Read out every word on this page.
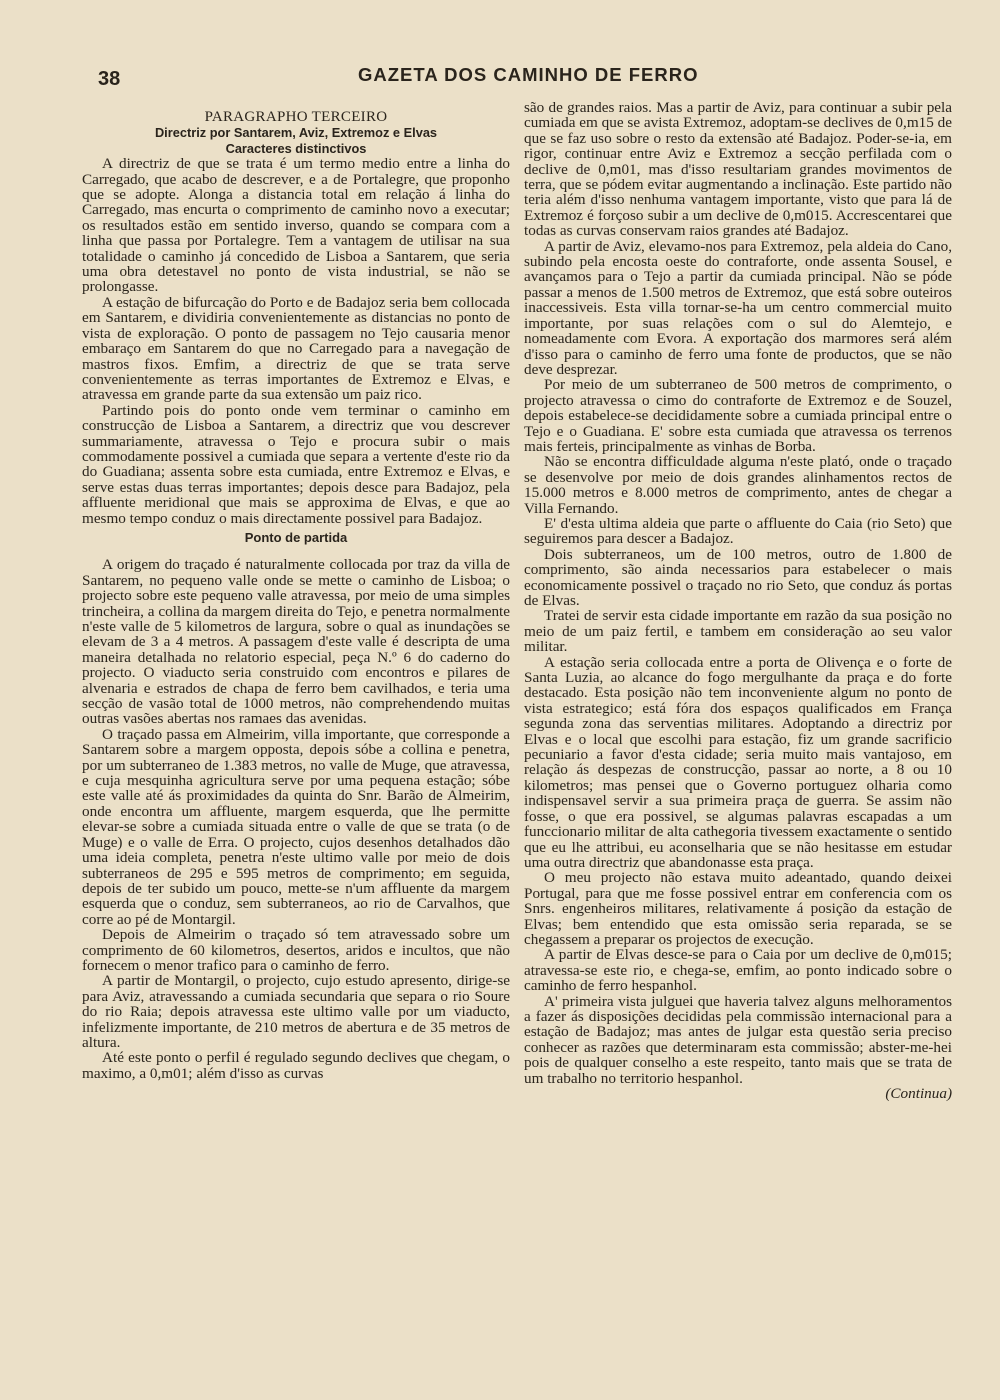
38	GAZETA DOS CAMINHO DE FERRO
PARAGRAPHO TERCEIRO
Directriz por Santarem, Aviz, Extremoz e Elvas
Caracteres distinctivos

A directriz de que se trata é um termo medio entre a linha do Carregado, que acabo de descrever, e a de Portalegre, que proponho que se adopte. Alonga a distancia total em relação á linha do Carregado, mas encurta o comprimento de caminho novo a executar; os resultados estão em sentido inverso, quando se compara com a linha que passa por Portalegre. Tem a vantagem de utilisar na sua totalidade o caminho já concedido de Lisboa a Santarem, que seria uma obra detestavel no ponto de vista industrial, se não se prolongasse.

A estação de bifurcação do Porto e de Badajoz seria bem collocada em Santarem, e dividiria convenientemente as distancias no ponto de vista de exploração. O ponto de passagem no Tejo causaria menor embaraço em Santarem do que no Carregado para a navegação de mastros fixos. Emfim, a directriz de que se trata serve convenientemente as terras importantes de Extremoz e Elvas, e atravessa em grande parte da sua extensão um paiz rico.

Partindo pois do ponto onde vem terminar o caminho em construcção de Lisboa a Santarem, a directriz que vou descrever summariamente, atravessa o Tejo e procura subir o mais commodamente possivel a cumiada que separa a vertente d'este rio da do Guadiana; assenta sobre esta cumiada, entre Extremoz e Elvas, e serve estas duas terras importantes; depois desce para Badajoz, pela affluente meridional que mais se approxima de Elvas, e que ao mesmo tempo conduz o mais directamente possivel para Badajoz.

Ponto de partida

A origem do traçado é naturalmente collocada por traz da villa de Santarem, no pequeno valle onde se mette o caminho de Lisboa; o projecto sobre este pequeno valle atravessa, por meio de uma simples trincheira, a collina da margem direita do Tejo, e penetra normalmente n'este valle de 5 kilometros de largura, sobre o qual as inundações se elevam de 3 a 4 metros. A passagem d'este valle é descripta de uma maneira detalhada no relatorio especial, peça N.º 6 do caderno do projecto. O viaducto seria construido com encontros e pilares de alvenaria e estrados de chapa de ferro bem cavilhados, e teria uma secção de vasão total de 1000 metros, não comprehendendo muitas outras vasões abertas nos ramaes das avenidas.

O traçado passa em Almeirim, villa importante, que corresponde a Santarem sobre a margem opposta, depois sóbe a collina e penetra, por um subterraneo de 1.383 metros, no valle de Muge, que atravessa, e cuja mesquinha agricultura serve por uma pequena estação; sóbe este valle até ás proximidades da quinta do Snr. Barão de Almeirim, onde encontra um affluente, margem esquerda, que lhe permitte elevar-se sobre a cumiada situada entre o valle de que se trata (o de Muge) e o valle de Erra. O projecto, cujos desenhos detalhados dão uma ideia completa, penetra n'este ultimo valle por meio de dois subterraneos de 295 e 595 metros de comprimento; em seguida, depois de ter subido um pouco, mette-se n'um affluente da margem esquerda que o conduz, sem subterraneos, ao rio de Carvalhos, que corre ao pé de Montargil.

Depois de Almeirim o traçado só tem atravessado sobre um comprimento de 60 kilometros, desertos, aridos e incultos, que não fornecem o menor trafico para o caminho de ferro.

A partir de Montargil, o projecto, cujo estudo apresento, dirige-se para Aviz, atravessando a cumiada secundaria que separa o rio Soure do rio Raia; depois atravessa este ultimo valle por um viaducto, infelizmente importante, de 210 metros de abertura e de 35 metros de altura.

Até este ponto o perfil é regulado segundo declives que chegam, o maximo, a 0,m01; além d'isso as curvas

são de grandes raios. Mas a partir de Aviz, para continuar a subir pela cumiada em que se avista Extremoz, adoptam-se declives de 0,m15 de que se faz uso sobre o resto da extensão até Badajoz. Poder-se-ia, em rigor, continuar entre Aviz e Extremoz a secção perfilada com o declive de 0,m01, mas d'isso resultariam grandes movimentos de terra, que se pódem evitar augmentando a inclinação. Este partido não teria além d'isso nenhuma vantagem importante, visto que para lá de Extremoz é forçoso subir a um declive de 0,m015. Accrescentarei que todas as curvas conservam raios grandes até Badajoz.

A partir de Aviz, elevamo-nos para Extremoz, pela aldeia do Cano, subindo pela encosta oeste do contraforte, onde assenta Sousel, e avançamos para o Tejo a partir da cumiada principal. Não se póde passar a menos de 1.500 metros de Extremoz, que está sobre outeiros inaccessiveis. Esta villa tornar-se-ha um centro commercial muito importante, por suas relações com o sul do Alemtejo, e nomeadamente com Evora. A exportação dos marmores será além d'isso para o caminho de ferro uma fonte de productos, que se não deve desprezar.

Por meio de um subterraneo de 500 metros de comprimento, o projecto atravessa o cimo do contraforte de Extremoz e de Souzel, depois estabelece-se decididamente sobre a cumiada principal entre o Tejo e o Guadiana. E' sobre esta cumiada que atravessa os terrenos mais ferteis, principalmente as vinhas de Borba.

Não se encontra difficuldade alguma n'este plató, onde o traçado se desenvolve por meio de dois grandes alinhamentos rectos de 15.000 metros e 8.000 metros de comprimento, antes de chegar a Villa Fernando.

E' d'esta ultima aldeia que parte o affluente do Caia (rio Seto) que seguiremos para descer a Badajoz.

Dois subterraneos, um de 100 metros, outro de 1.800 de comprimento, são ainda necessarios para estabelecer o mais economicamente possivel o traçado no rio Seto, que conduz ás portas de Elvas.

Tratei de servir esta cidade importante em razão da sua posição no meio de um paiz fertil, e tambem em consideração ao seu valor militar.

A estação seria collocada entre a porta de Olivença e o forte de Santa Luzia, ao alcance do fogo mergulhante da praça e do forte destacado. Esta posição não tem inconveniente algum no ponto de vista estrategico; está fóra dos espaços qualificados em França segunda zona das serventias militares. Adoptando a directriz por Elvas e o local que escolhi para estação, fiz um grande sacrificio pecuniario a favor d'esta cidade; seria muito mais vantajoso, em relação ás despezas de construcção, passar ao norte, a 8 ou 10 kilometros; mas pensei que o Governo portuguez olharia como indispensavel servir a sua primeira praça de guerra. Se assim não fosse, o que era possivel, se algumas palavras escapadas a um funccionario militar de alta cathegoria tivessem exactamente o sentido que eu lhe attribui, eu aconselharia que se não hesitasse em estudar uma outra directriz que abandonasse esta praça.

O meu projecto não estava muito adeantado, quando deixei Portugal, para que me fosse possivel entrar em conferencia com os Snrs. engenheiros militares, relativamente á posição da estação de Elvas; bem entendido que esta omissão seria reparada, se se chegassem a preparar os projectos de execução.

A partir de Elvas desce-se para o Caia por um declive de 0,m015; atravessa-se este rio, e chega-se, emfim, ao ponto indicado sobre o caminho de ferro hespanhol.

A' primeira vista julguei que haveria talvez alguns melhoramentos a fazer ás disposições decididas pela commissão internacional para a estação de Badajoz; mas antes de julgar esta questão seria preciso conhecer as razões que determinaram esta commissão; abster-me-hei pois de qualquer conselho a este respeito, tanto mais que se trata de um trabalho no territorio hespanhol.

(Continua)
